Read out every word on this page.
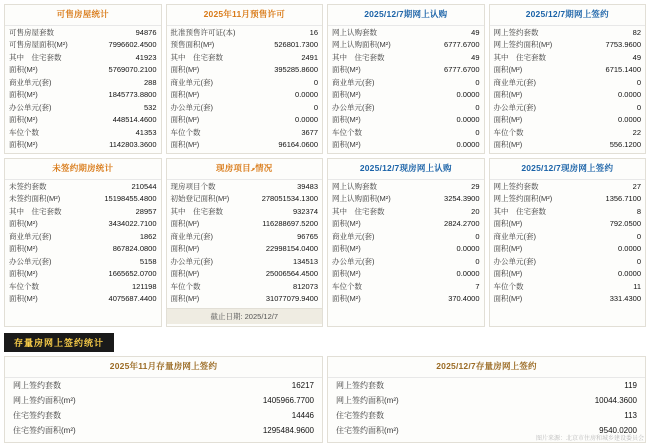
可售房屋统计
可售房屋套数	94876
可售房屋面积(M²)	7996602.4500
其中　住宅套数	41923
面积(M²)	5769070.2100
商业单元(套)	288
面积(M²)	1845773.8800
办公单元(套)	532
面积(M²)	448514.4600
车位个数	41353
面积(M²)	1142803.3600
2025年11月预售许可
批准预售许可证(本)	16
预售面积(M²)	526801.7300
其中　住宅套数	2491
面积(M²)	395285.8600
商业单元(套)	0
面积(M²)	0.0000
办公单元(套)	0
面积(M²)	0.0000
车位个数	3677
面积(M²)	96164.0600
2025/12/7期网上认购
网上认购套数	49
网上认购面积(M²)	6777.6700
其中　住宅套数	49
面积(M²)	6777.6700
商业单元(套)	0
面积(M²)	0.0000
办公单元(套)	0
面积(M²)	0.0000
车位个数	0
面积(M²)	0.0000
2025/12/7期网上签约
网上签约套数	82
网上签约面积(M²)	7753.9600
其中　住宅套数	49
面积(M²)	6715.1400
商业单元(套)	0
面积(M²)	0.0000
办公单元(套)	0
面积(M²)	0.0000
车位个数	22
面积(M²)	556.1200
未签约期房统计
未签约套数	210544
未签约面积(M²)	15198455.4800
其中　住宅套数	28957
面积(M²)	3434022.7100
商业单元(套)	1862
面积(M²)	867824.0800
办公单元(套)	5158
面积(M²)	1665652.0700
车位个数	121198
面积(M²)	4075687.4400
现房项目ވ情况
现房项目个数	39483
初始登记面积(M²)	278051534.1300
其中　住宅套数	932374
面积(M²)	116288697.5200
商业单元(套)	96765
面积(M²)	22998154.0400
办公单元(套)	134513
面积(M²)	25006564.4500
车位个数	812073
面积(M²)	31077079.9400
截止日期: 2025/12/7
2025/12/7现房网上认购
网上认购套数	29
网上认购面积(M²)	3254.3900
其中　住宅套数	20
面积(M²)	2824.2700
商业单元(套)	0
面积(M²)	0.0000
办公单元(套)	0
面积(M²)	0.0000
车位个数	7
面积(M²)	370.4000
2025/12/7现房网上签约
网上签约套数	27
网上签约面积(M²)	1356.7100
其中　住宅套数	8
面积(M²)	792.0500
商业单元(套)	0
面积(M²)	0.0000
办公单元(套)	0
面积(M²)	0.0000
车位个数	11
面积(M²)	331.4300
存量房网上签约统计
2025年11月存量房网上签约
网上签约套数	16217
网上签约面积(m²)	1405966.7700
住宅签约套数	14446
住宅签约面积(m²)	1295484.9600
2025/12/7存量房网上签约
网上签约套数	119
网上签约面积(m²)	10044.3600
住宅签约套数	113
住宅签约面积(m²)	9540.0200
图片来源：北京市住房和城乡建设委员会
